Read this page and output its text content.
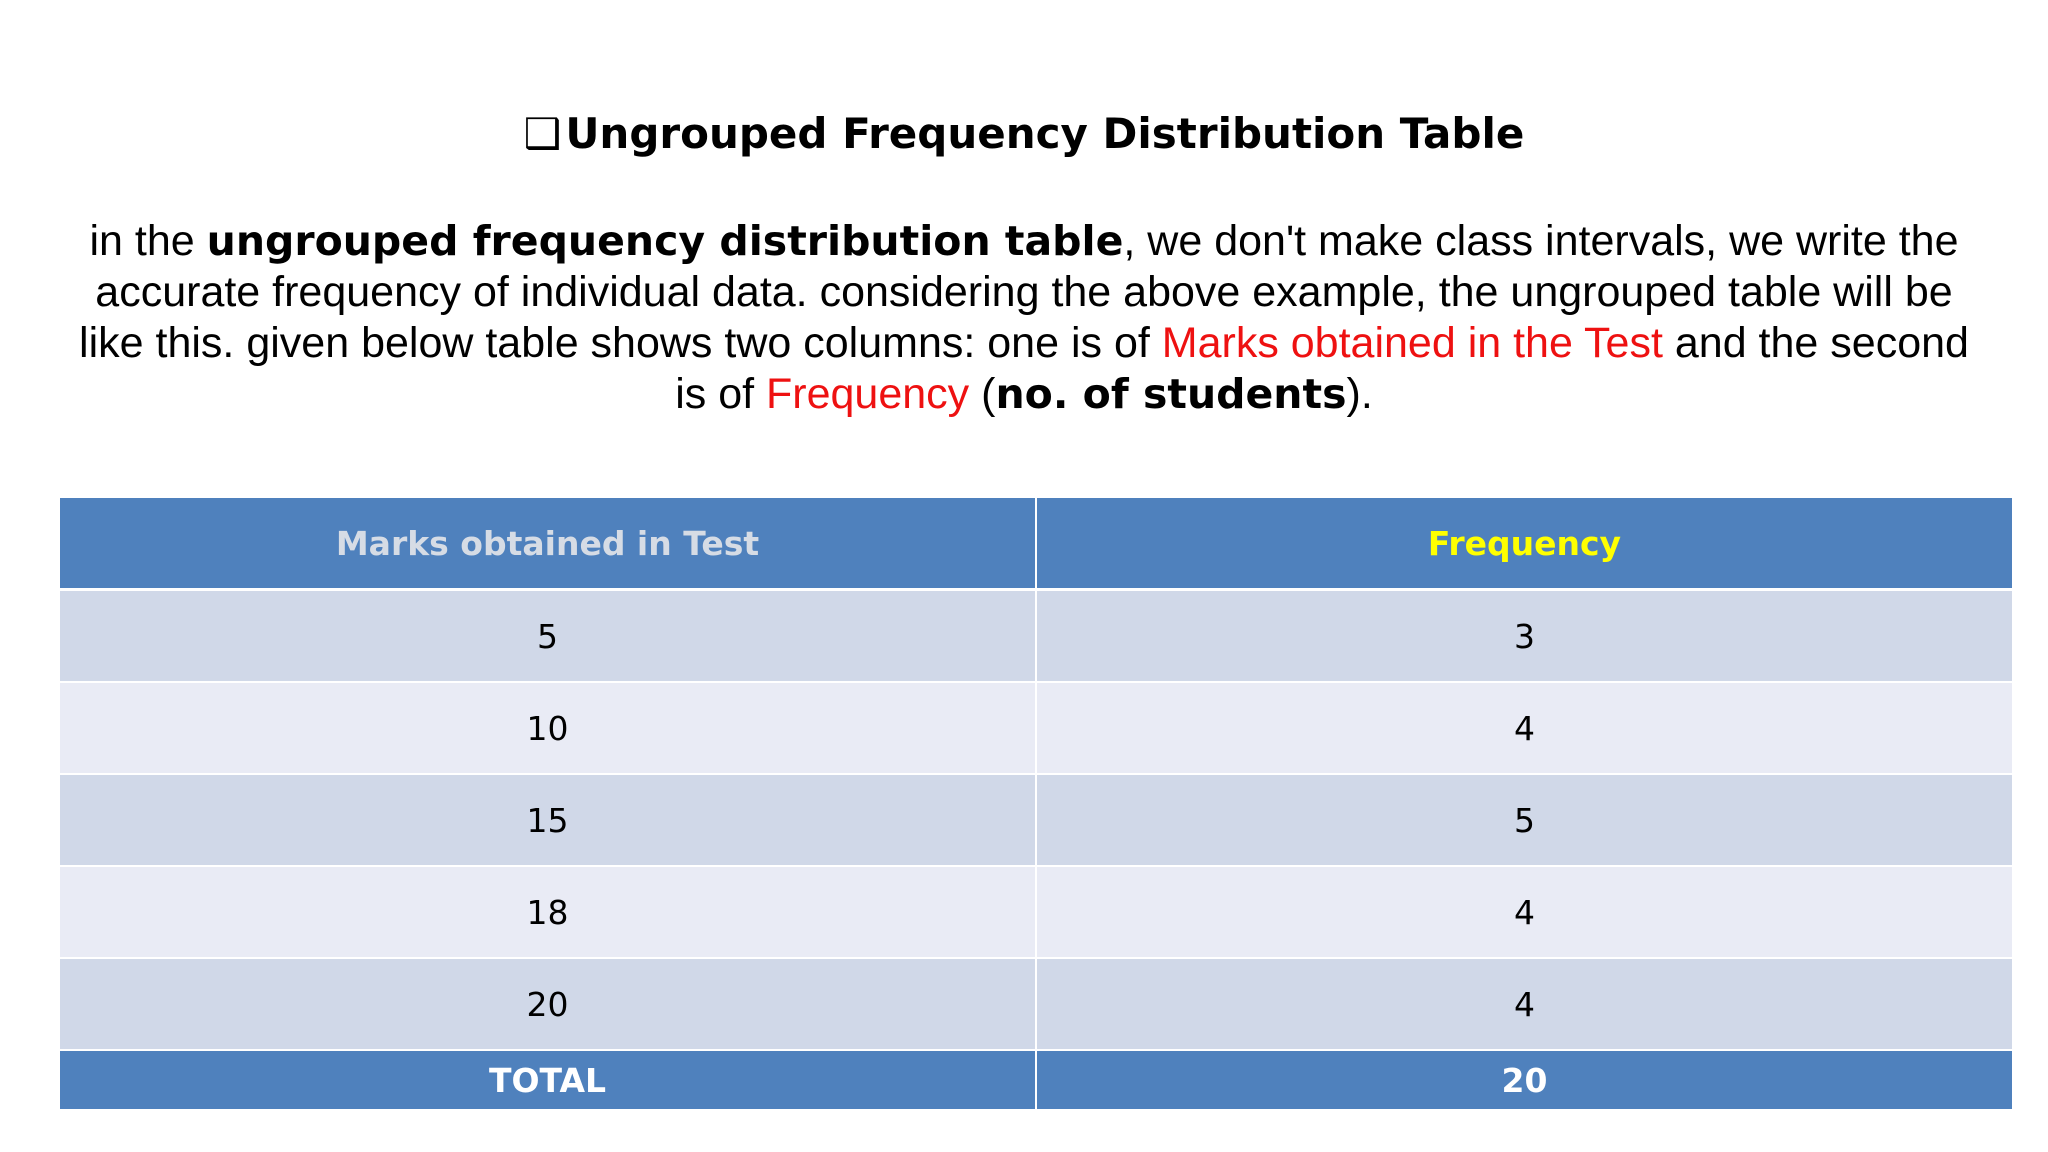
❑Ungrouped Frequency Distribution Table
in the ungrouped frequency distribution table, we don't make class intervals, we write the accurate frequency of individual data. considering the above example, the ungrouped table will be like this. given below table shows two columns: one is of Marks obtained in the Test and the second is of Frequency (no. of students).
Marks obtained in Test	Frequency
5	3
10	4
15	5
18	4
20	4
TOTAL	20
